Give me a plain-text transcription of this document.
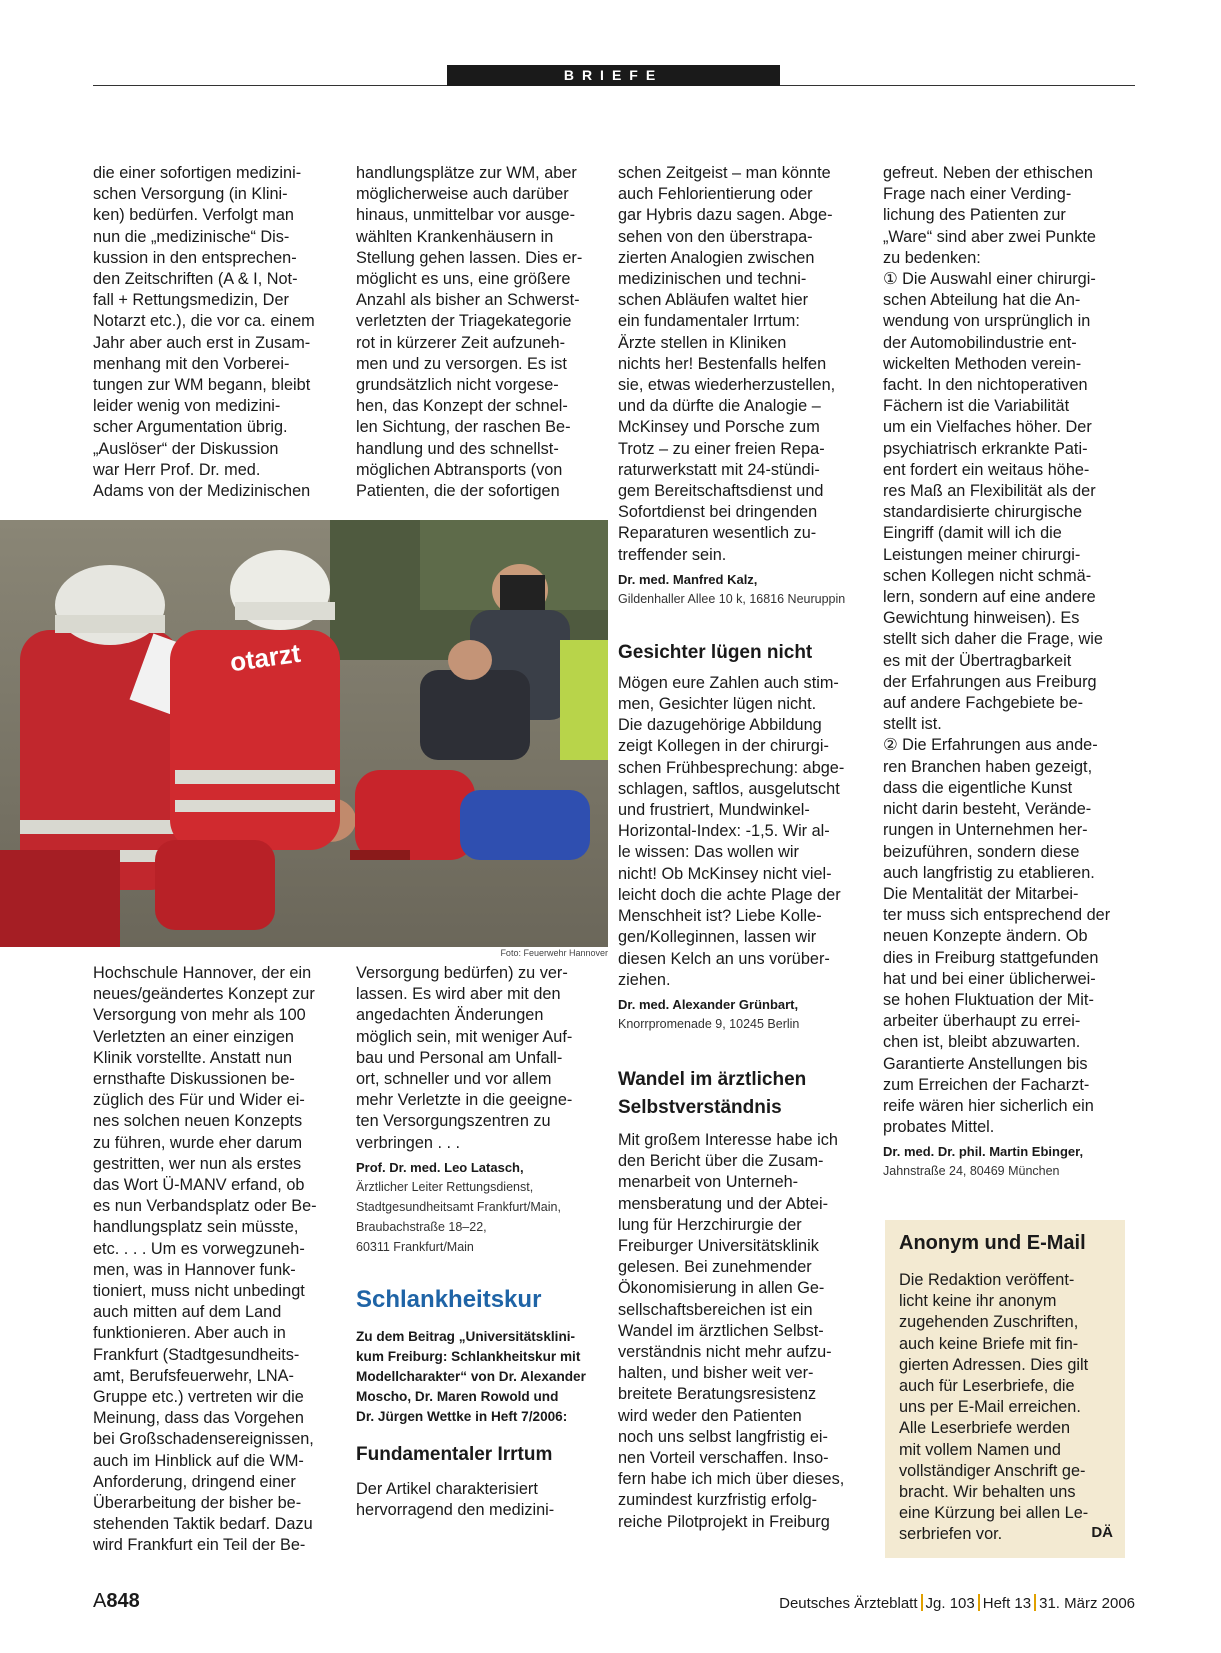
BRIEFE

die einer sofortigen medizini-
schen Versorgung (in Klini-
ken) bedürfen. Verfolgt man
nun die „medizinische“ Dis-
kussion in den entsprechen-
den Zeitschriften (A & I, Not-
fall + Rettungsmedizin, Der
Notarzt etc.), die vor ca. einem
Jahr aber auch erst in Zusam-
menhang mit den Vorberei-
tungen zur WM begann, bleibt
leider wenig von medizini-
scher Argumentation übrig.
„Auslöser“ der Diskussion
war Herr Prof. Dr. med.
Adams von der Medizinischen

Hochschule Hannover, der ein
neues/geändertes Konzept zur
Versorgung von mehr als 100
Verletzten an einer einzigen
Klinik vorstellte. Anstatt nun
ernsthafte Diskussionen be-
züglich des Für und Wider ei-
nes solchen neuen Konzepts
zu führen, wurde eher darum
gestritten, wer nun als erstes
das Wort Ü-MANV erfand, ob
es nun Verbandsplatz oder Be-
handlungsplatz sein müsste,
etc. . . . Um es vorwegzuneh-
men, was in Hannover funk-
tioniert, muss nicht unbedingt
auch mitten auf dem Land
funktionieren. Aber auch in
Frankfurt (Stadtgesundheits-
amt, Berufsfeuerwehr, LNA-
Gruppe etc.) vertreten wir die
Meinung, dass das Vorgehen
bei Großschadensereignissen,
auch im Hinblick auf die WM-
Anforderung, dringend einer
Überarbeitung der bisher be-
stehenden Taktik bedarf. Dazu
wird Frankfurt ein Teil der Be-

handlungsplätze zur WM, aber
möglicherweise auch darüber
hinaus, unmittelbar vor ausge-
wählten Krankenhäusern in
Stellung gehen lassen. Dies er-
möglicht es uns, eine größere
Anzahl als bisher an Schwerst-
verletzten der Triagekategorie
rot in kürzerer Zeit aufzuneh-
men und zu versorgen. Es ist
grundsätzlich nicht vorgese-
hen, das Konzept der schnel-
len Sichtung, der raschen Be-
handlung und des schnellst-
möglichen Abtransports (von
Patienten, die der sofortigen

Versorgung bedürfen) zu ver-
lassen. Es wird aber mit den
angedachten Änderungen
möglich sein, mit weniger Auf-
bau und Personal am Unfall-
ort, schneller und vor allem
mehr Verletzte in die geeigne-
ten Versorgungszentren zu
verbringen . . .

Prof. Dr. med. Leo Latasch,
Ärztlicher Leiter Rettungsdienst,
Stadtgesundheitsamt Frankfurt/Main,
Braubachstraße 18–22,
60311 Frankfurt/Main
Schlankheitskur
Zu dem Beitrag „Universitätsklini-
kum Freiburg: Schlankheitskur mit
Modellcharakter“ von Dr. Alexander
Moscho, Dr. Maren Rowold und
Dr. Jürgen Wettke in Heft 7/2006:
Fundamentaler Irrtum

Der Artikel charakterisiert
hervorragend den medizini-

schen Zeitgeist – man könnte
auch Fehlorientierung oder
gar Hybris dazu sagen. Abge-
sehen von den überstrapa-
zierten Analogien zwischen
medizinischen und techni-
schen Abläufen waltet hier
ein fundamentaler Irrtum:
Ärzte stellen in Kliniken
nichts her! Bestenfalls helfen
sie, etwas wiederherzustellen,
und da dürfte die Analogie –
McKinsey und Porsche zum
Trotz – zu einer freien Repa-
raturwerkstatt mit 24-stündi-
gem Bereitschaftsdienst und
Sofortdienst bei dringenden
Reparaturen wesentlich zu-
treffender sein.

Dr. med. Manfred Kalz,
Gildenhaller Allee 10 k, 16816 Neuruppin
Gesichter lügen nicht

Mögen eure Zahlen auch stim-
men, Gesichter lügen nicht.
Die dazugehörige Abbildung
zeigt Kollegen in der chirurgi-
schen Frühbesprechung: abge-
schlagen, saftlos, ausgelutscht
und frustriert, Mundwinkel-
Horizontal-Index: -1,5. Wir al-
le wissen: Das wollen wir
nicht! Ob McKinsey nicht viel-
leicht doch die achte Plage der
Menschheit ist? Liebe Kolle-
gen/Kolleginnen, lassen wir
diesen Kelch an uns vorüber-
ziehen.

Dr. med. Alexander Grünbart,
Knorrpromenade 9, 10245 Berlin
Wandel im ärztlichen
Selbstverständnis

Mit großem Interesse habe ich
den Bericht über die Zusam-
menarbeit von Unterneh-
mensberatung und der Abtei-
lung für Herzchirurgie der
Freiburger Universitätsklinik
gelesen. Bei zunehmender
Ökonomisierung in allen Ge-
sellschaftsbereichen ist ein
Wandel im ärztlichen Selbst-
verständnis nicht mehr aufzu-
halten, und bisher weit ver-
breitete Beratungsresistenz
wird weder den Patienten
noch uns selbst langfristig ei-
nen Vorteil verschaffen. Inso-
fern habe ich mich über dieses,
zumindest kurzfristig erfolg-
reiche Pilotprojekt in Freiburg

gefreut. Neben der ethischen
Frage nach einer Verding-
lichung des Patienten zur
„Ware“ sind aber zwei Punkte
zu bedenken:
① Die Auswahl einer chirurgi-
schen Abteilung hat die An-
wendung von ursprünglich in
der Automobilindustrie ent-
wickelten Methoden verein-
facht. In den nichtoperativen
Fächern ist die Variabilität
um ein Vielfaches höher. Der
psychiatrisch erkrankte Pati-
ent fordert ein weitaus höhe-
res Maß an Flexibilität als der
standardisierte chirurgische
Eingriff (damit will ich die
Leistungen meiner chirurgi-
schen Kollegen nicht schmä-
lern, sondern auf eine andere
Gewichtung hinweisen). Es
stellt sich daher die Frage, wie
es mit der Übertragbarkeit
der Erfahrungen aus Freiburg
auf andere Fachgebiete be-
stellt ist.
② Die Erfahrungen aus ande-
ren Branchen haben gezeigt,
dass die eigentliche Kunst
nicht darin besteht, Verände-
rungen in Unternehmen her-
beizuführen, sondern diese
auch langfristig zu etablieren.
Die Mentalität der Mitarbei-
ter muss sich entsprechend der
neuen Konzepte ändern. Ob
dies in Freiburg stattgefunden
hat und bei einer üblicherwei-
se hohen Fluktuation der Mit-
arbeiter überhaupt zu errei-
chen ist, bleibt abzuwarten.
Garantierte Anstellungen bis
zum Erreichen der Facharzt-
reife wären hier sicherlich ein
probates Mittel.

Dr. med. Dr. phil. Martin Ebinger,
Jahnstraße 24, 80469 München
otarzt
Foto: Feuerwehr Hannover
Anonym und E-Mail
Die Redaktion veröffent-
licht keine ihr anonym
zugehenden Zuschriften,
auch keine Briefe mit fin-
gierten Adressen. Dies gilt
auch für Leserbriefe, die
uns per E-Mail erreichen.
Alle Leserbriefe werden
mit vollem Namen und
vollständiger Anschrift ge-
bracht. Wir behalten uns
eine Kürzung bei allen Le-
serbriefen vor.	DÄ
A848	Deutsches Ärzteblatt Jg. 103 Heft 13 31. März 2006
